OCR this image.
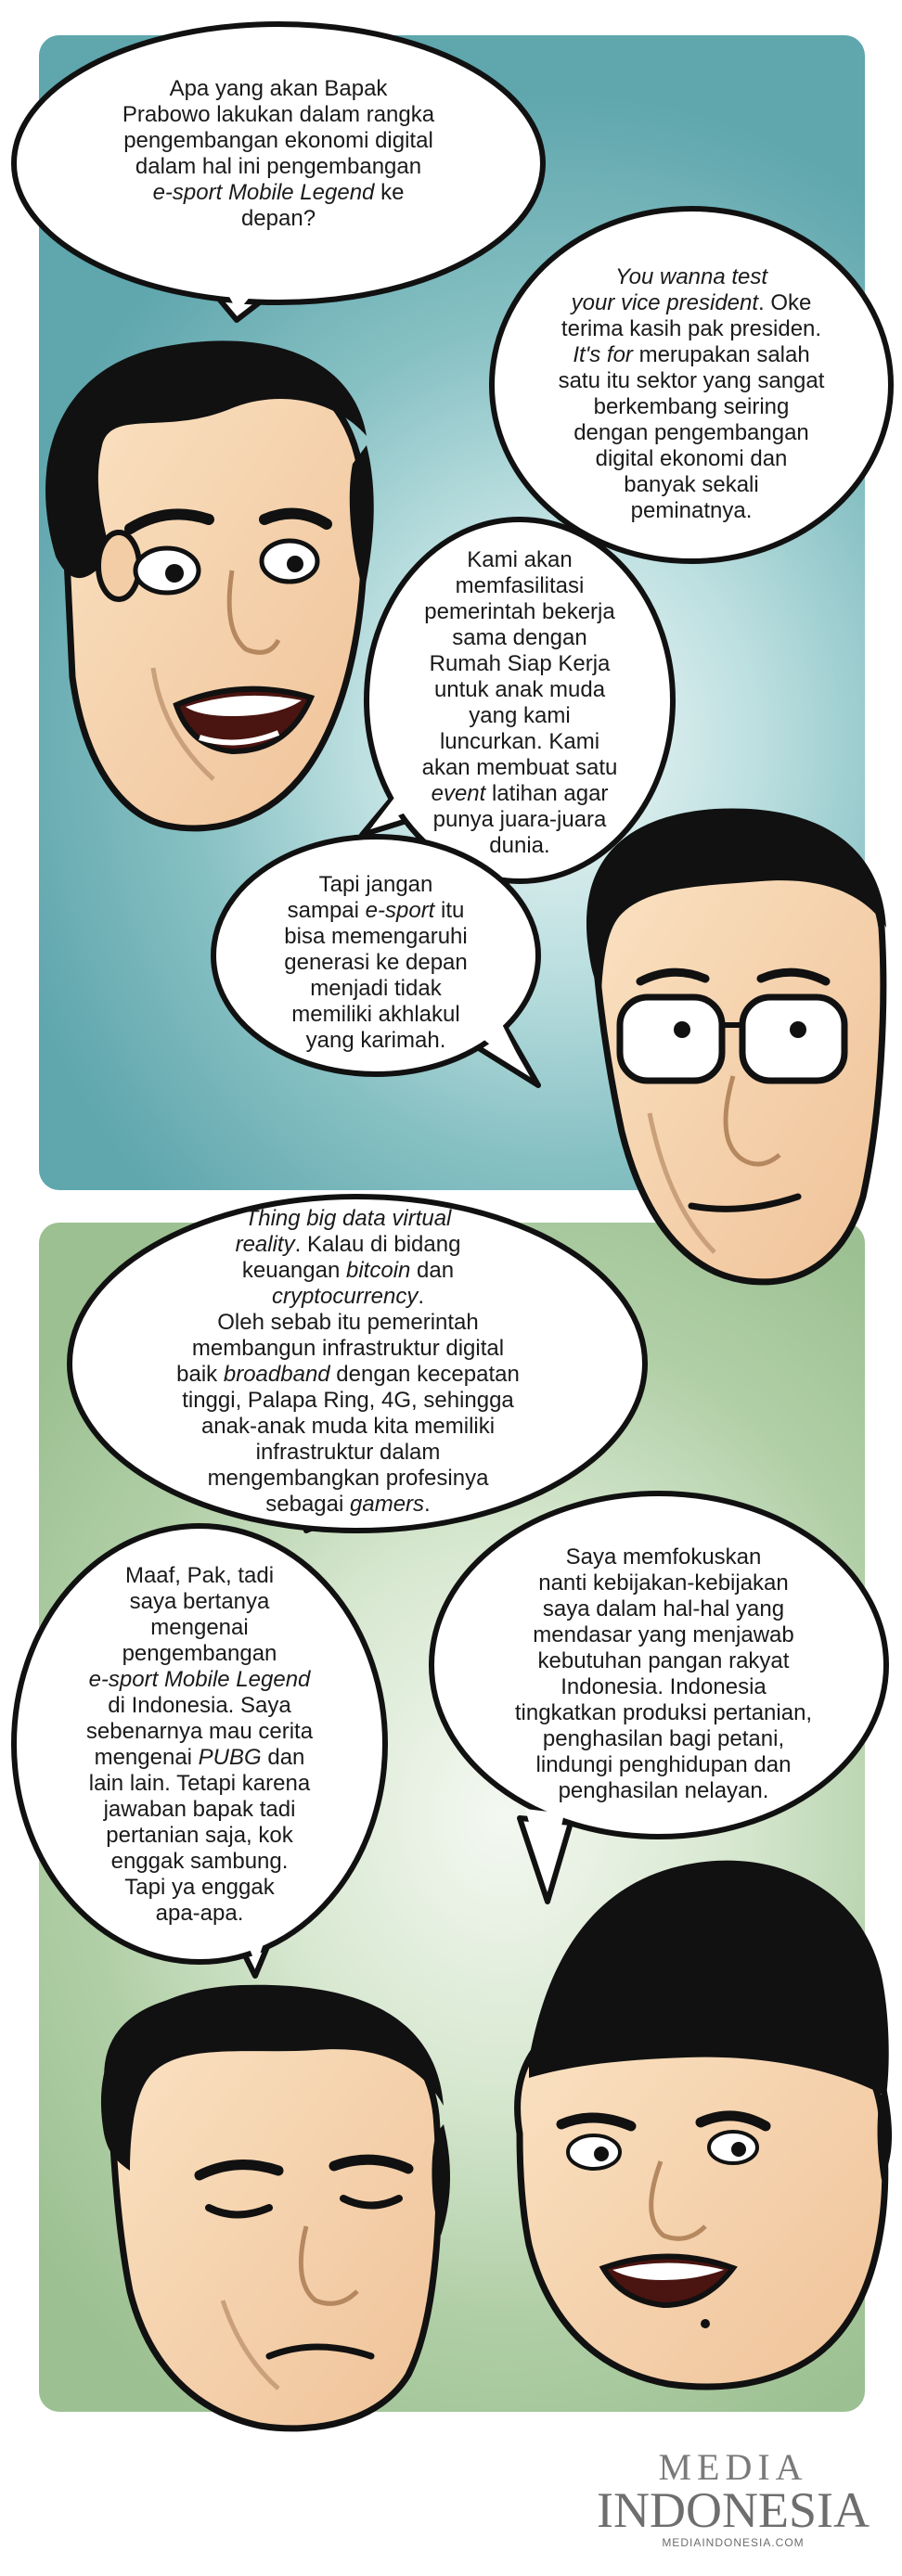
Apa yang akan Bapak
Prabowo lakukan dalam rangka
pengembangan ekonomi digital
dalam hal ini pengembangan
e-sport Mobile Legend ke
depan?
You wanna test
your vice president. Oke
terima kasih pak presiden.
It's for merupakan salah
satu itu sektor yang sangat
berkembang seiring
dengan pengembangan
digital ekonomi dan
banyak sekali
peminatnya.
Kami akan
memfasilitasi
pemerintah bekerja
sama dengan
Rumah Siap Kerja
untuk anak muda
yang kami
luncurkan. Kami
akan membuat satu
event latihan agar
punya juara-juara
dunia.
Tapi jangan
sampai e-sport itu
bisa memengaruhi
generasi ke depan
menjadi tidak
memiliki akhlakul
yang karimah.
Thing big data virtual
reality. Kalau di bidang
keuangan bitcoin dan
cryptocurrency.
Oleh sebab itu pemerintah
membangun infrastruktur digital
baik broadband dengan kecepatan
tinggi, Palapa Ring, 4G, sehingga
anak-anak muda kita memiliki
infrastruktur dalam
mengembangkan profesinya
sebagai gamers.
Maaf, Pak, tadi
saya bertanya
mengenai
pengembangan
e-sport Mobile Legend
di Indonesia. Saya
sebenarnya mau cerita
mengenai PUBG dan
lain lain. Tetapi karena
jawaban bapak tadi
pertanian saja, kok
enggak sambung.
Tapi ya enggak
apa-apa.
Saya memfokuskan
nanti kebijakan-kebijakan
saya dalam hal-hal yang
mendasar yang menjawab
kebutuhan pangan rakyat
Indonesia. Indonesia
tingkatkan produksi pertanian,
penghasilan bagi petani,
lindungi penghidupan dan
penghasilan nelayan.
MEDIA
INDONESIA
MEDIAINDONESIA.COM
